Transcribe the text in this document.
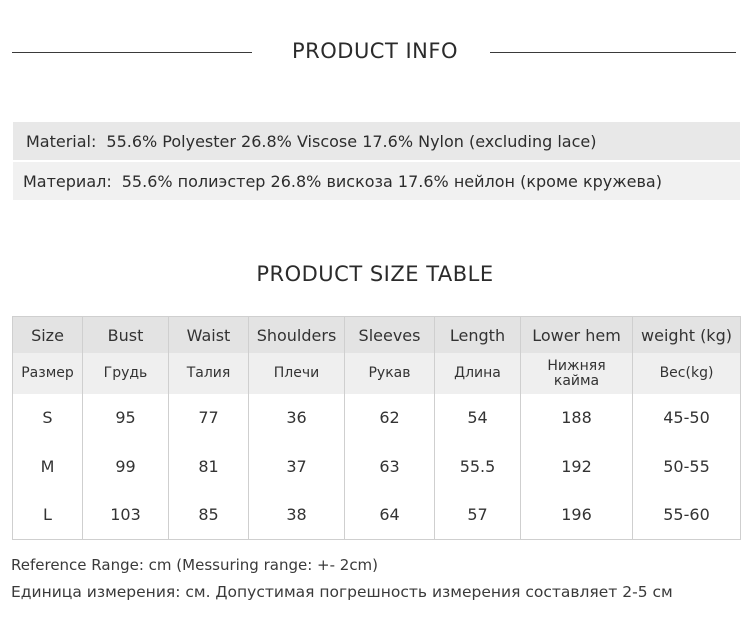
PRODUCT INFO
Material: 55.6% Polyester 26.8% Viscose 17.6% Nylon (excluding lace)
Материал: 55.6% полиэстер 26.8% вискоза 17.6% нейлон (кроме кружева)
PRODUCT SIZE TABLE
Size	Bust	Waist	Shoulders	Sleeves	Length	Lower hem	weight (kg)
Размер	Грудь	Талия	Плечи	Рукав	Длина	Нижняя кайма	Вес(kg)
S	95	77	36	62	54	188	45-50
M	99	81	37	63	55.5	192	50-55
L	103	85	38	64	57	196	55-60
Reference Range: cm (Messuring range: +- 2cm)
Единица измерения: см. Допустимая погрешность измерения составляет 2-5 см
